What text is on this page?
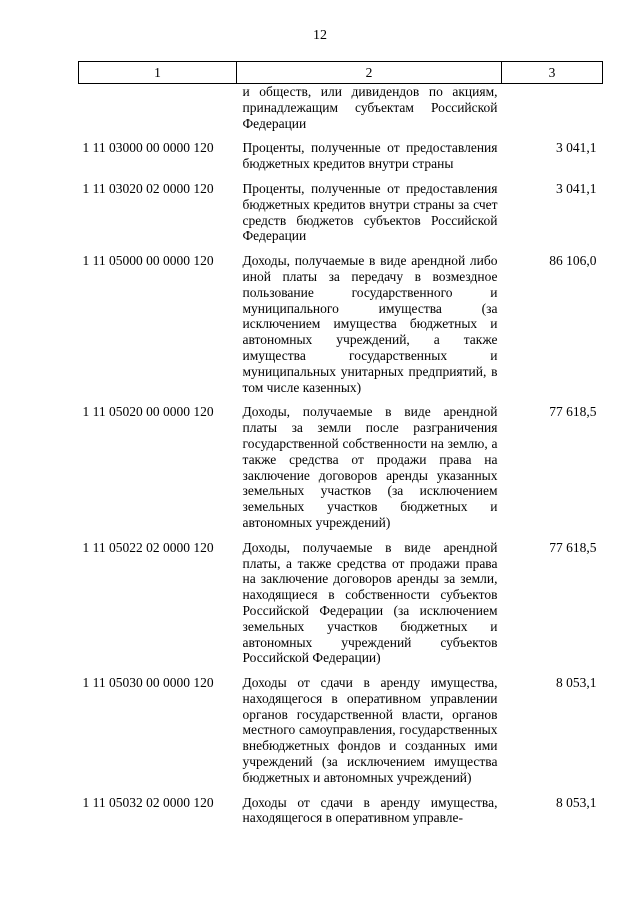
12
1	2	3
	и обществ, или дивидендов по акциям, принадлежащим субъектам Российской Федерации	
1 11 03000 00 0000 120	Проценты, полученные от предоставления бюджетных кредитов внутри страны	3 041,1
1 11 03020 02 0000 120	Проценты, полученные от предоставления бюджетных кредитов внутри страны за счет средств бюджетов субъектов Российской Федерации	3 041,1
1 11 05000 00 0000 120	Доходы, получаемые в виде арендной либо иной платы за передачу в возмездное пользование государственного и муниципального имущества (за исключением имущества бюджетных и автономных учреждений, а также имущества государственных и муниципальных унитарных предприятий, в том числе казенных)	86 106,0
1 11 05020 00 0000 120	Доходы, получаемые в виде арендной платы за земли после разграничения государственной собственности на землю, а также средства от продажи права на заключение договоров аренды указанных земельных участков (за исключением земельных участков бюджетных и автономных учреждений)	77 618,5
1 11 05022 02 0000 120	Доходы, получаемые в виде арендной платы, а также средства от продажи права на заключение договоров аренды за земли, находящиеся в собственности субъектов Российской Федерации (за исключением земельных участков бюджетных и автономных учреждений субъектов Российской Федерации)	77 618,5
1 11 05030 00 0000 120	Доходы от сдачи в аренду имущества, находящегося в оперативном управлении органов государственной власти, органов местного самоуправления, государственных внебюджетных фондов и созданных ими учреждений (за исключением имущества бюджетных и автономных учреждений)	8 053,1
1 11 05032 02 0000 120	Доходы от сдачи в аренду имущества, находящегося в оперативном управле-	8 053,1
